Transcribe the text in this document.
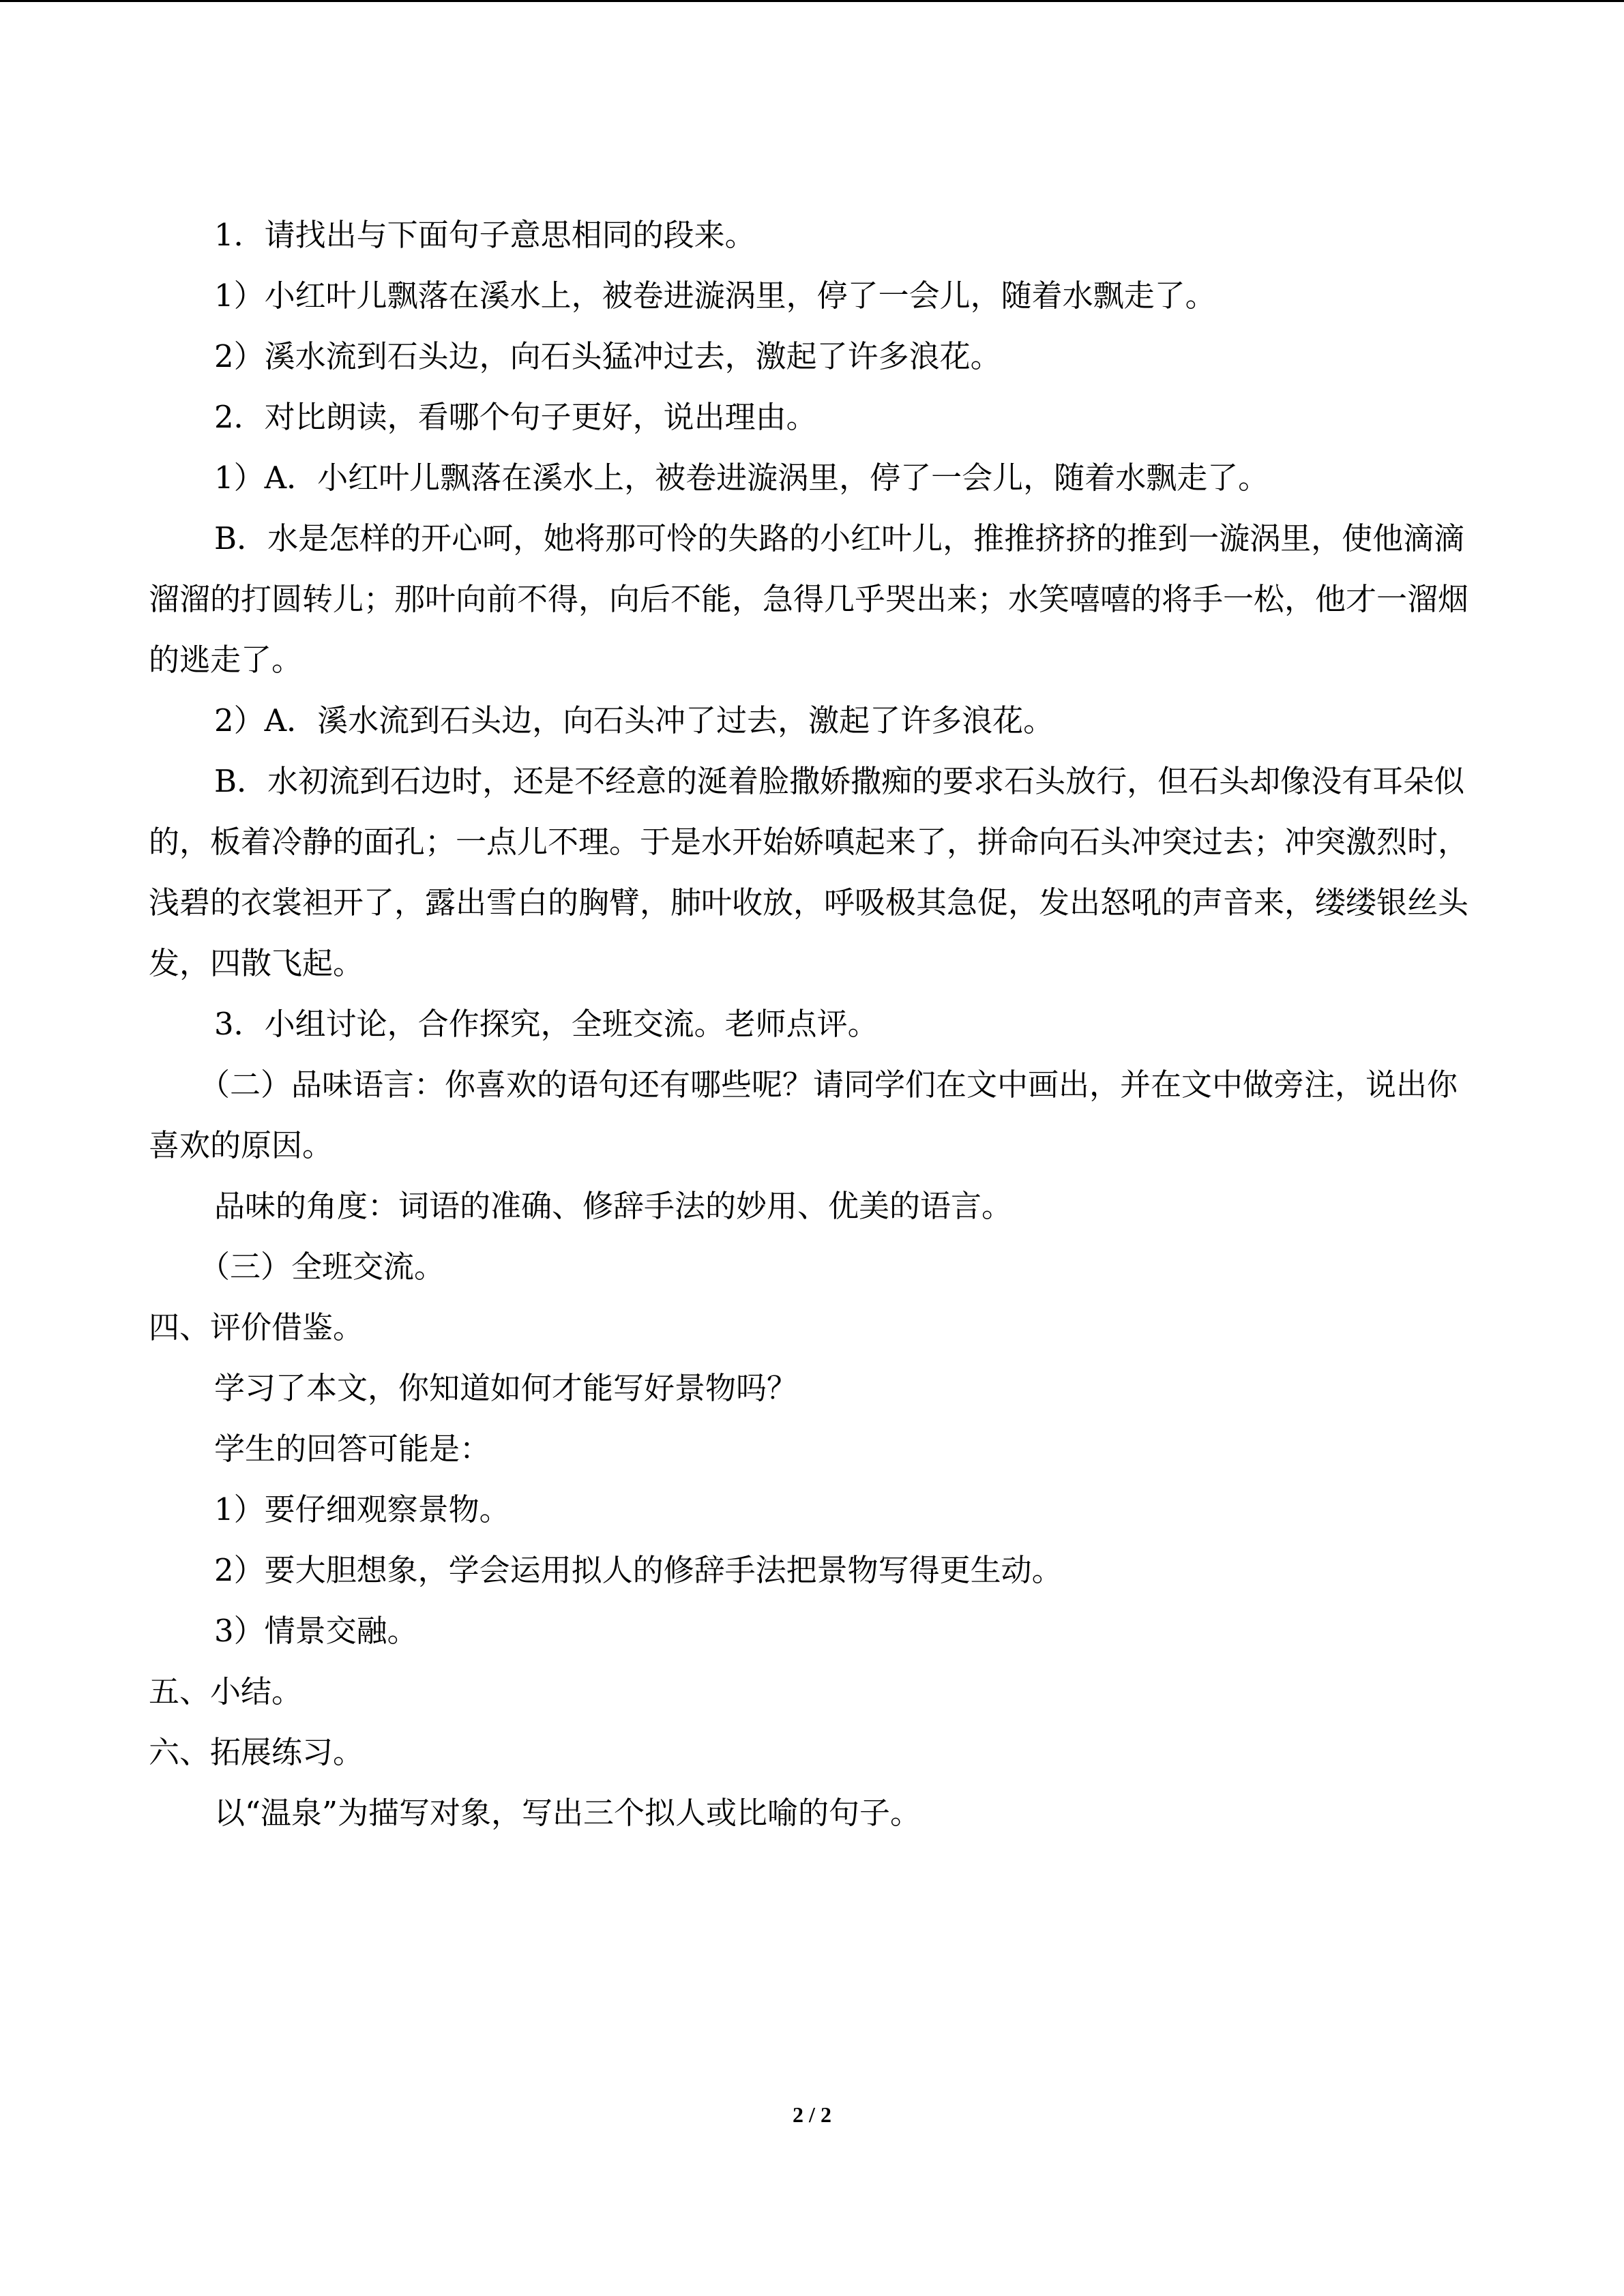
1．请找出与下面句子意思相同的段来。

1）小红叶儿飘落在溪水上，被卷进漩涡里，停了一会儿，随着水飘走了。

2）溪水流到石头边，向石头猛冲过去，激起了许多浪花。

2．对比朗读，看哪个句子更好，说出理由。

1）A．小红叶儿飘落在溪水上，被卷进漩涡里，停了一会儿，随着水飘走了。

B．水是怎样的开心呵，她将那可怜的失路的小红叶儿，推推挤挤的推到一漩涡里，使他滴滴溜溜的打圆转儿；那叶向前不得，向后不能，急得几乎哭出来；水笑嘻嘻的将手一松，他才一溜烟的逃走了。

2）A．溪水流到石头边，向石头冲了过去，激起了许多浪花。

B．水初流到石边时，还是不经意的涎着脸撒娇撒痴的要求石头放行，但石头却像没有耳朵似的，板着冷静的面孔；一点儿不理。于是水开始娇嗔起来了，拼命向石头冲突过去；冲突激烈时，浅碧的衣裳袒开了，露出雪白的胸臂，肺叶收放，呼吸极其急促，发出怒吼的声音来，缕缕银丝头发，四散飞起。

3．小组讨论，合作探究，全班交流。老师点评。

（二）品味语言：你喜欢的语句还有哪些呢？请同学们在文中画出，并在文中做旁注，说出你喜欢的原因。

品味的角度：词语的准确、修辞手法的妙用、优美的语言。

（三）全班交流。

四、评价借鉴。

学习了本文，你知道如何才能写好景物吗？

学生的回答可能是：

1）要仔细观察景物。

2）要大胆想象，学会运用拟人的修辞手法把景物写得更生动。

3）情景交融。

五、小结。

六、拓展练习。

以“温泉”为描写对象，写出三个拟人或比喻的句子。

2 / 2
